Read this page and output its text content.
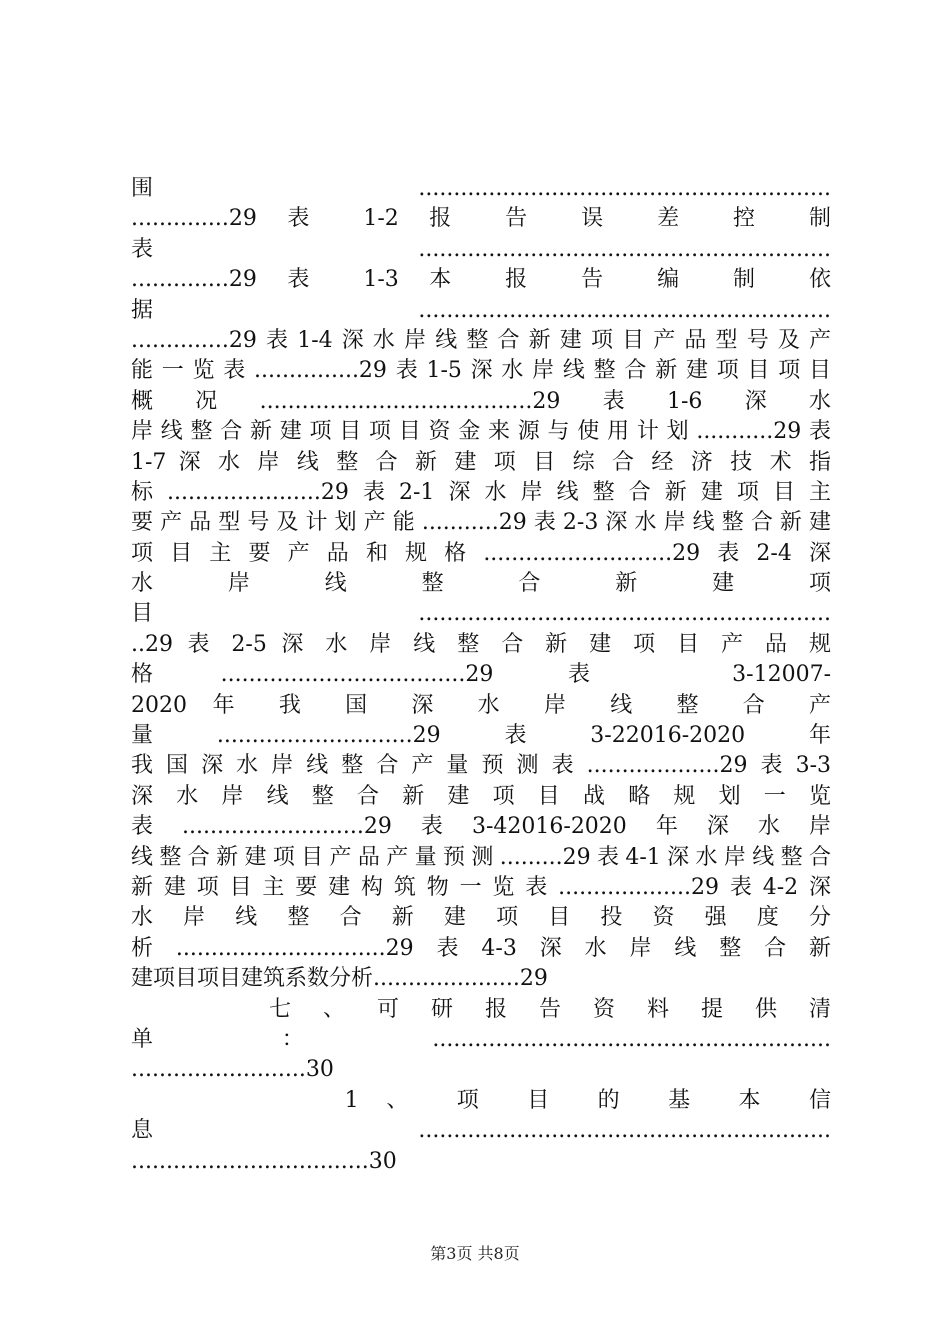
围...........................................................
..............29 表 1-2 报 告 误 差 控 制
表...........................................................
..............29 表 1-3 本 报 告 编 制 依
据...........................................................
..............29表1-4深水岸线整合新建项目产品型号及产
能一览表...............29表1-5深水岸线整合新建项目项目
概况.......................................29表1-6深水
岸线整合新建项目项目资金来源与使用计划...........29表
1-7 深 水 岸 线 整 合 新 建 项 目 综 合 经 济 技 术 指
标......................29表2-1深水岸线整合新建项目主
要产品型号及计划产能...........29表2-3深水岸线整合新建
项目主要产品和规格...........................29表2-4深
水 岸 线 整 合 新 建 项
目...........................................................
..29 表 2-5 深 水 岸 线 整 合 新 建 项 目 产 品 规
格...................................29 表 3-12007-
2020 年 我 国 深 水 岸 线 整 合 产
量............................29表3-22016-2020年
我国深水岸线整合产量预测表...................29表3-3
深 水 岸 线 整 合 新 建 项 目 战 略 规 划 一 览
表..........................29表3-42016-2020年深水岸
线整合新建项目产品产量预测.........29表4-1深水岸线整合
新建项目主要建构筑物一览表...................29表4-2深
水 岸 线 整 合 新 建 项 目 投 资 强 度 分
析..............................29表4-3深水岸线整合新
建项目项目建筑系数分析.....................29
　　　　七 、 可 研 报 告 资 料 提 供 清
单：.........................................................
.........................30
　　　　　1 、 项 目 的 基 本 信
息...........................................................
..................................30
第3页 共8页
